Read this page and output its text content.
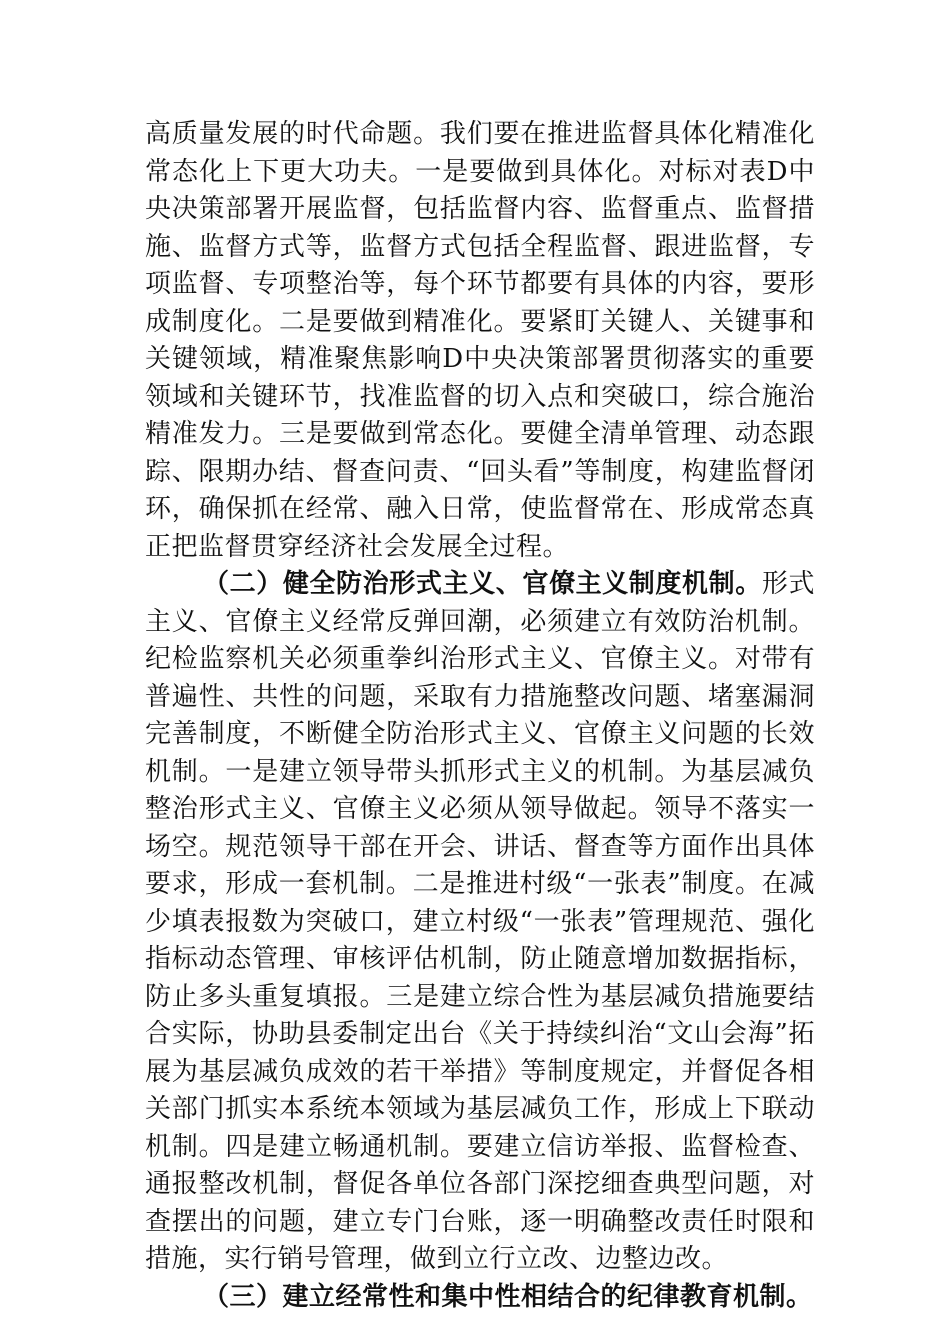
高质量发展的时代命题。我们要在推进监督具体化精准化常态化上下更大功夫。一是要做到具体化。对标对表D中央决策部署开展监督，包括监督内容、监督重点、监督措施、监督方式等，监督方式包括全程监督、跟进监督，专项监督、专项整治等，每个环节都要有具体的内容，要形成制度化。二是要做到精准化。要紧盯关键人、关键事和关键领域，精准聚焦影响D中央决策部署贯彻落实的重要领域和关键环节，找准监督的切入点和突破口，综合施治精准发力。三是要做到常态化。要健全清单管理、动态跟踪、限期办结、督查问责、“回头看”等制度，构建监督闭环，确保抓在经常、融入日常，使监督常在、形成常态真正把监督贯穿经济社会发展全过程。

（二）健全防治形式主义、官僚主义制度机制。形式主义、官僚主义经常反弹回潮，必须建立有效防治机制。纪检监察机关必须重拳纠治形式主义、官僚主义。对带有普遍性、共性的问题，采取有力措施整改问题、堵塞漏洞完善制度，不断健全防治形式主义、官僚主义问题的长效机制。一是建立领导带头抓形式主义的机制。为基层减负整治形式主义、官僚主义必须从领导做起。领导不落实一场空。规范领导干部在开会、讲话、督查等方面作出具体要求，形成一套机制。二是推进村级“一张表”制度。在减少填表报数为突破口，建立村级“一张表”管理规范、强化指标动态管理、审核评估机制，防止随意增加数据指标，防止多头重复填报。三是建立综合性为基层减负措施要结合实际，协助县委制定出台《关于持续纠治“文山会海”拓展为基层减负成效的若干举措》等制度规定，并督促各相关部门抓实本系统本领域为基层减负工作，形成上下联动机制。四是建立畅通机制。要建立信访举报、监督检查、通报整改机制，督促各单位各部门深挖细查典型问题，对查摆出的问题，建立专门台账，逐一明确整改责任时限和措施，实行销号管理，做到立行立改、边整边改。

（三）建立经常性和集中性相结合的纪律教育机制。
